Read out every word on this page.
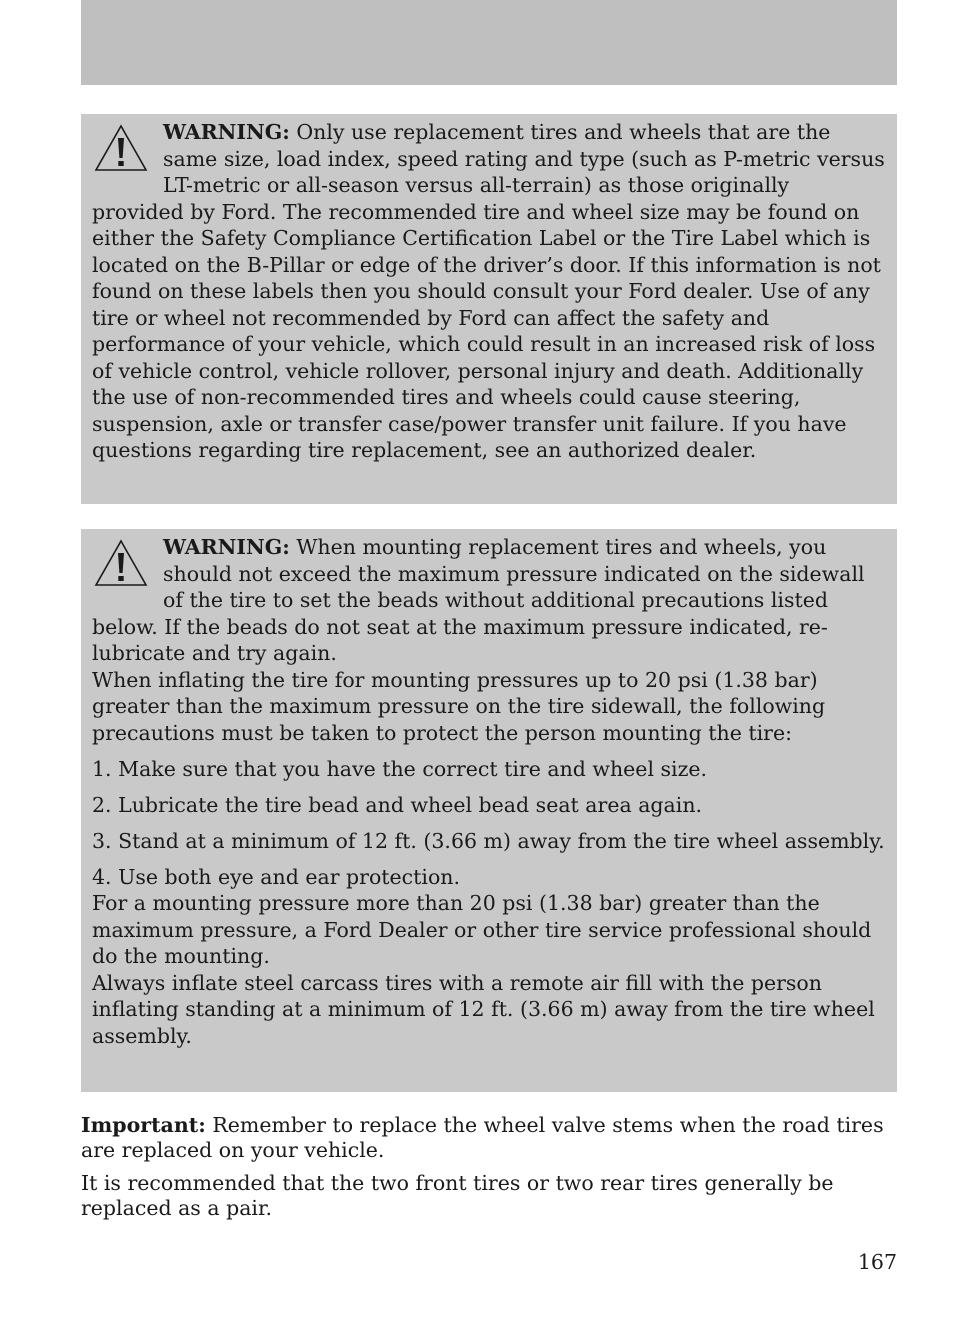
WARNING: Only use replacement tires and wheels that are the same size, load index, speed rating and type (such as P-metric versus LT-metric or all-season versus all-terrain) as those originally provided by Ford. The recommended tire and wheel size may be found on either the Safety Compliance Certification Label or the Tire Label which is located on the B-Pillar or edge of the driver’s door. If this information is not found on these labels then you should consult your Ford dealer. Use of any tire or wheel not recommended by Ford can affect the safety and performance of your vehicle, which could result in an increased risk of loss of vehicle control, vehicle rollover, personal injury and death. Additionally the use of non-recommended tires and wheels could cause steering, suspension, axle or transfer case/power transfer unit failure. If you have questions regarding tire replacement, see an authorized dealer.

WARNING: When mounting replacement tires and wheels, you should not exceed the maximum pressure indicated on the sidewall of the tire to set the beads without additional precautions listed below. If the beads do not seat at the maximum pressure indicated, re-lubricate and try again.

When inflating the tire for mounting pressures up to 20 psi (1.38 bar) greater than the maximum pressure on the tire sidewall, the following precautions must be taken to protect the person mounting the tire:

1. Make sure that you have the correct tire and wheel size.

2. Lubricate the tire bead and wheel bead seat area again.

3. Stand at a minimum of 12 ft. (3.66 m) away from the tire wheel assembly.

4. Use both eye and ear protection.

For a mounting pressure more than 20 psi (1.38 bar) greater than the maximum pressure, a Ford Dealer or other tire service professional should do the mounting.

Always inflate steel carcass tires with a remote air fill with the person inflating standing at a minimum of 12 ft. (3.66 m) away from the tire wheel assembly.

Important: Remember to replace the wheel valve stems when the road tires are replaced on your vehicle.

It is recommended that the two front tires or two rear tires generally be replaced as a pair.

167
